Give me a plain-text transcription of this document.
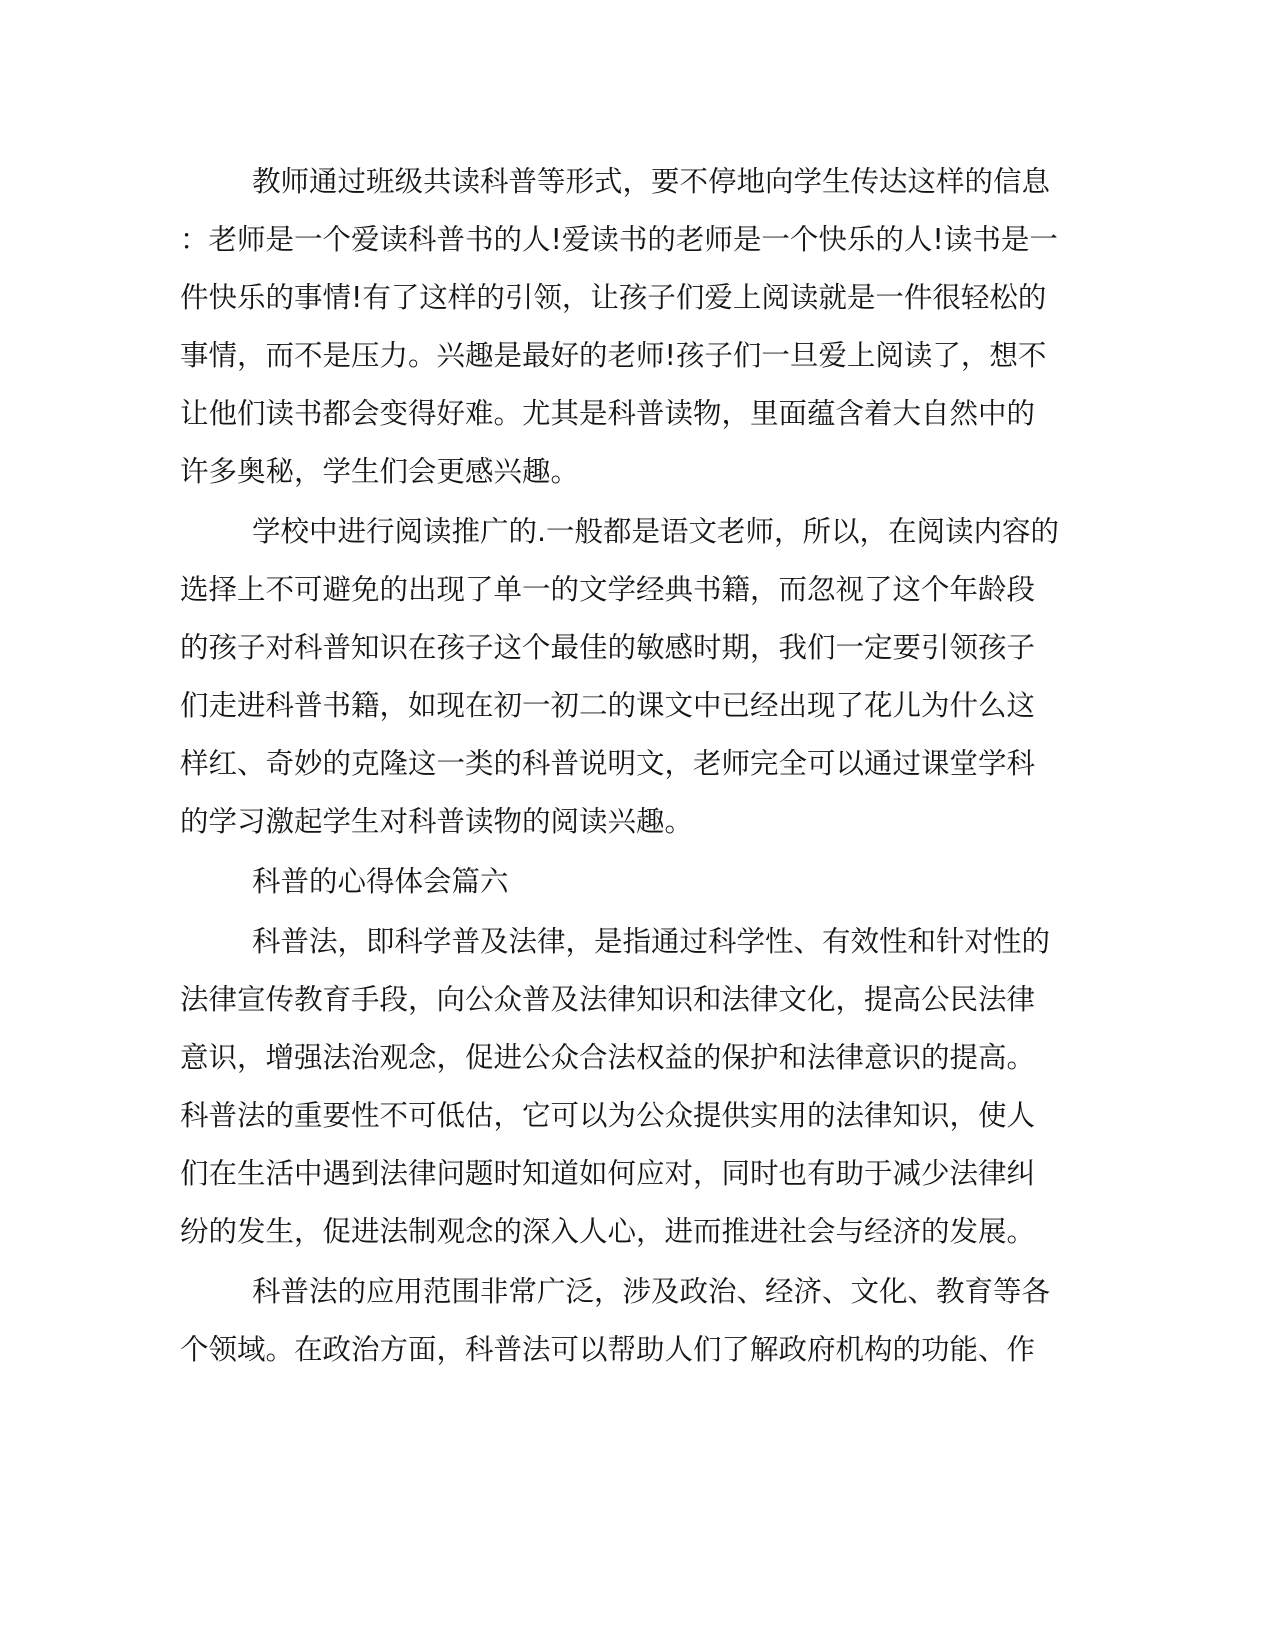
教师通过班级共读科普等形式，要不停地向学生传达这样的信息

：老师是一个爱读科普书的人!爱读书的老师是一个快乐的人!读书是一

件快乐的事情!有了这样的引领，让孩子们爱上阅读就是一件很轻松的

事情，而不是压力。兴趣是最好的老师!孩子们一旦爱上阅读了，想不

让他们读书都会变得好难。尤其是科普读物，里面蕴含着大自然中的

许多奥秘，学生们会更感兴趣。

学校中进行阅读推广的.一般都是语文老师，所以，在阅读内容的

选择上不可避免的出现了单一的文学经典书籍，而忽视了这个年龄段

的孩子对科普知识在孩子这个最佳的敏感时期，我们一定要引领孩子

们走进科普书籍，如现在初一初二的课文中已经出现了花儿为什么这

样红、奇妙的克隆这一类的科普说明文，老师完全可以通过课堂学科

的学习激起学生对科普读物的阅读兴趣。

科普的心得体会篇六

科普法，即科学普及法律，是指通过科学性、有效性和针对性的

法律宣传教育手段，向公众普及法律知识和法律文化，提高公民法律

意识，增强法治观念，促进公众合法权益的保护和法律意识的提高。

科普法的重要性不可低估，它可以为公众提供实用的法律知识，使人

们在生活中遇到法律问题时知道如何应对，同时也有助于减少法律纠

纷的发生，促进法制观念的深入人心，进而推进社会与经济的发展。

科普法的应用范围非常广泛，涉及政治、经济、文化、教育等各

个领域。在政治方面，科普法可以帮助人们了解政府机构的功能、作
